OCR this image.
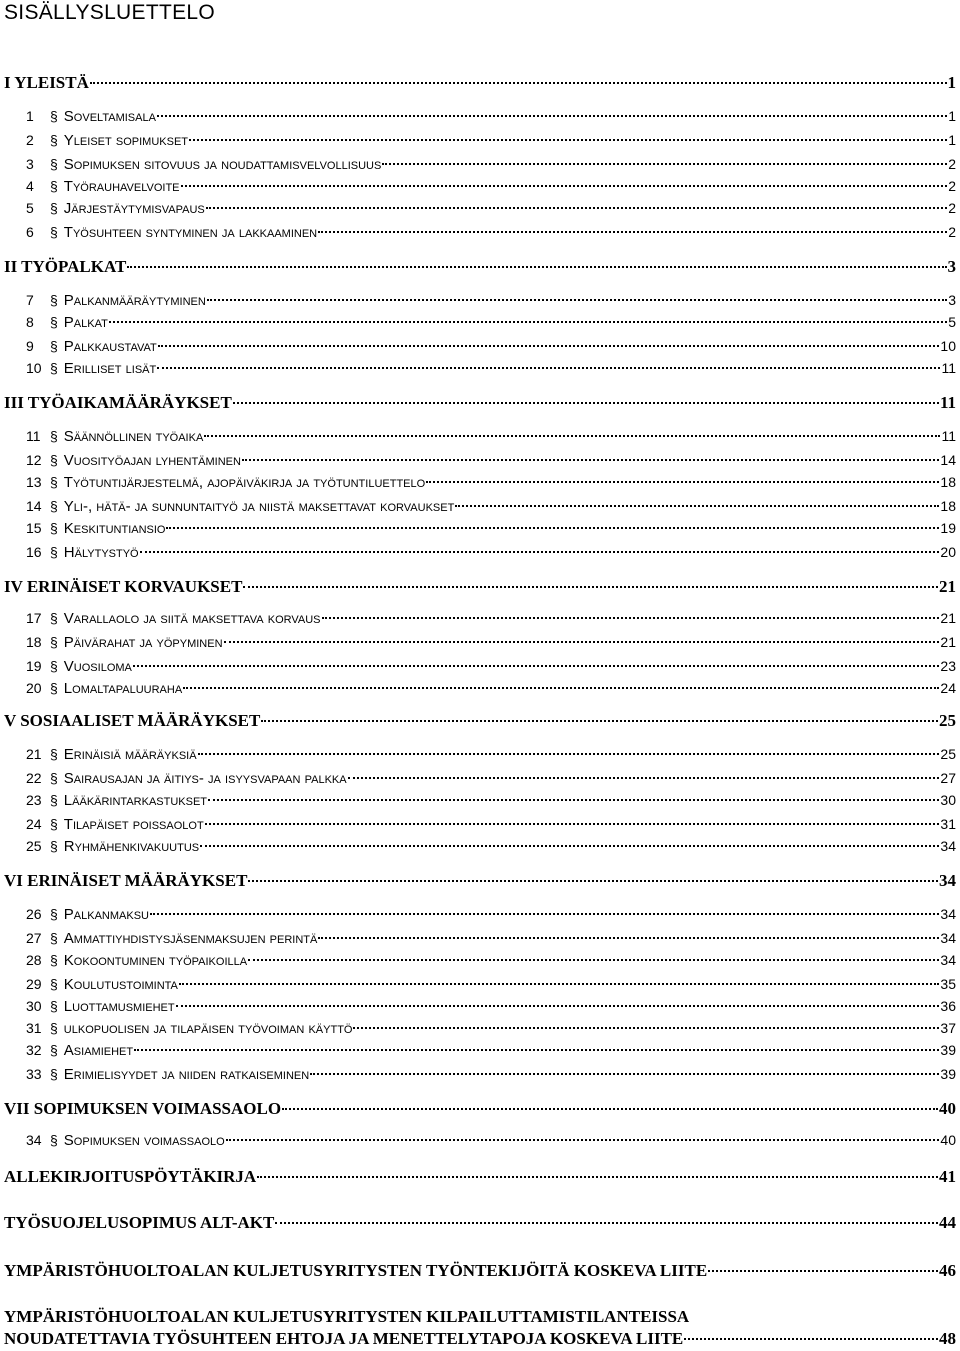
SISÄLLYSLUETTELO
I YLEISTÄ	1
1 § Soveltamisala	1
2 § Yleiset sopimukset	1
3 § Sopimuksen sitovuus ja noudattamisvelvollisuus	2
4 § Työrauhavelvoite	2
5 § Järjestäytymisvapaus	2
6 § Työsuhteen syntyminen ja lakkaaminen	2
II TYÖPALKAT	3
7 § Palkanmääräytyminen	3
8 § Palkat	5
9 § Palkkaustavat	10
10 § Erilliset lisät	11
III TYÖAIKAMÄÄRÄYKSET	11
11 § Säännöllinen työaika	11
12 § Vuosityöajan lyhentäminen	14
13 § Työtuntijärjestelmä, ajopäiväkirja ja työtuntiluettelo	18
14 § Yli-, hätä- ja sunnuntaityö ja niistä maksettavat korvaukset	18
15 § Keskituntiansio	19
16 § Hälytystyö	20
IV ERINÄISET KORVAUKSET	21
17 § Varallaolo ja siitä maksettava korvaus	21
18 § Päivärahat ja yöpyminen	21
19 § Vuosiloma	23
20 § Lomaltapaluuraha	24
V SOSIAALISET MÄÄRÄYKSET	25
21 § Erinäisiä määräyksiä	25
22 § Sairausajan ja äitiys- ja isyysvapaan palkka	27
23 § Lääkärintarkastukset	30
24 § Tilapäiset poissaolot	31
25 § Ryhmähenkivakuutus	34
VI ERINÄISET MÄÄRÄYKSET	34
26 § Palkanmaksu	34
27 § Ammattiyhdistysjäsenmaksujen perintä	34
28 § Kokoontuminen työpaikoilla	34
29 § Koulutustoiminta	35
30 § Luottamusmiehet	36
31 § ulkopuolisen ja tilapäisen työvoiman käyttö	37
32 § Asiamiehet	39
33 § Erimielisyydet ja niiden ratkaiseminen	39
VII SOPIMUKSEN VOIMASSAOLO	40
34 § Sopimuksen voimassaolo	40
ALLEKIRJOITUSPÖYTÄKIRJA	41
TYÖSUOJELUSOPIMUS ALT-AKT	44
YMPÄRISTÖHUOLTOALAN KULJETUSYRITYSTEN TYÖNTEKIJÖITÄ KOSKEVA LIITE	46
YMPÄRISTÖHUOLTOALAN KULJETUSYRITYSTEN KILPAILUTTAMISTILANTEISSA
NOUDATETTAVIA TYÖSUHTEEN EHTOJA JA MENETTELYTAPOJA KOSKEVA LIITE	48
